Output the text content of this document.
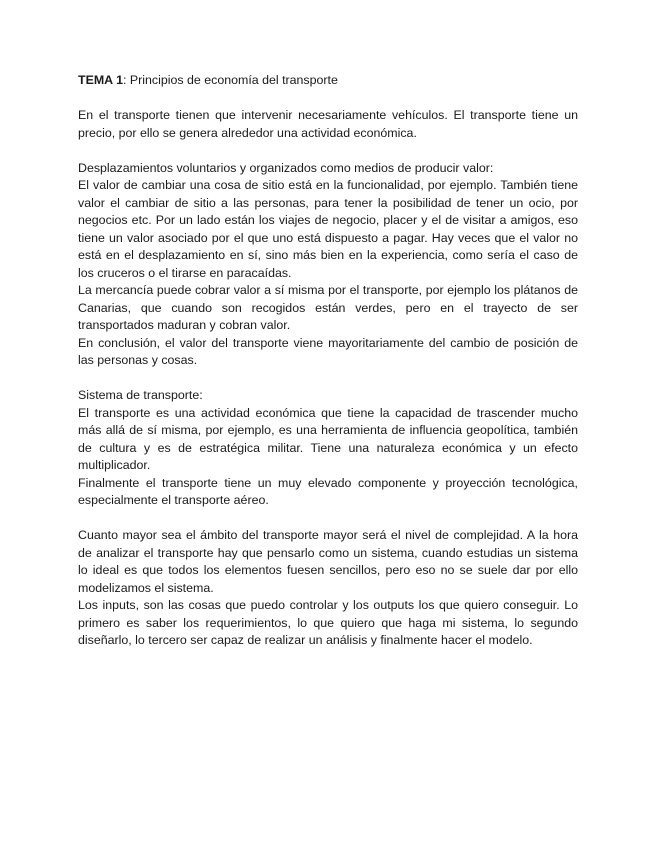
TEMA 1: Principios de economía del transporte

En el transporte tienen que intervenir necesariamente vehículos. El transporte tiene un precio, por ello se genera alrededor una actividad económica.

Desplazamientos voluntarios y organizados como medios de producir valor:

El valor de cambiar una cosa de sitio está en la funcionalidad, por ejemplo. También tiene valor el cambiar de sitio a las personas, para tener la posibilidad de tener un ocio, por negocios etc. Por un lado están los viajes de negocio, placer y el de visitar a amigos, eso tiene un valor asociado por el que uno está dispuesto a pagar. Hay veces que el valor no está en el desplazamiento en sí, sino más bien en la experiencia, como sería el caso de los cruceros o el tirarse en paracaídas.

La mercancía puede cobrar valor a sí misma por el transporte, por ejemplo los plátanos de Canarias, que cuando son recogidos están verdes, pero en el trayecto de ser transportados maduran y cobran valor.

En conclusión, el valor del transporte viene mayoritariamente del cambio de posición de las personas y cosas.

Sistema de transporte:

El transporte es una actividad económica que tiene la capacidad de trascender mucho más allá de sí misma, por ejemplo, es una herramienta de influencia geopolítica, también de cultura y es de estratégica militar. Tiene una naturaleza económica y un efecto multiplicador.

Finalmente el transporte tiene un muy elevado componente y proyección tecnológica, especialmente el transporte aéreo.

Cuanto mayor sea el ámbito del transporte mayor será el nivel de complejidad. A la hora de analizar el transporte hay que pensarlo como un sistema, cuando estudias un sistema lo ideal es que todos los elementos fuesen sencillos, pero eso no se suele dar por ello modelizamos el sistema.

Los inputs, son las cosas que puedo controlar y los outputs los que quiero conseguir. Lo primero es saber los requerimientos, lo que quiero que haga mi sistema, lo segundo diseñarlo, lo tercero ser capaz de realizar un análisis y finalmente hacer el modelo.
